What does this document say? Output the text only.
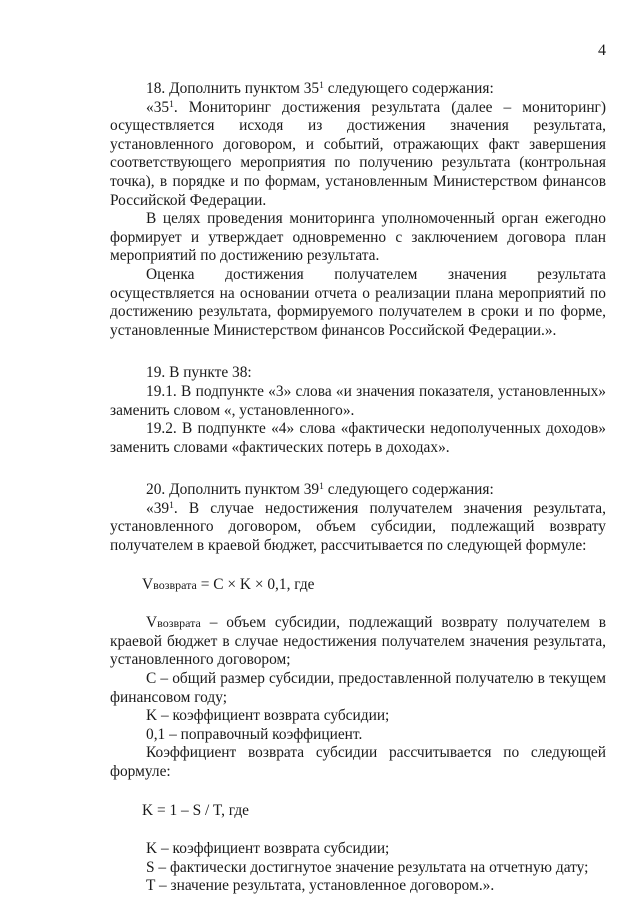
4

18. Дополнить пунктом $35^1$ следующего содержания:

«$35^1$. Мониторинг достижения результата (далее – мониторинг) осуществляется исходя из достижения значения результата, установленного договором, и событий, отражающих факт завершения соответствующего мероприятия по получению результата (контрольная точка), в порядке и по формам, установленным Министерством финансов Российской Федерации.

В целях проведения мониторинга уполномоченный орган ежегодно формирует и утверждает одновременно с заключением договора план мероприятий по достижению результата.

Оценка достижения получателем значения результата осуществляется на основании отчета о реализации плана мероприятий по достижению результата, формируемого получателем в сроки и по форме, установленные Министерством финансов Российской Федерации.».

19. В пункте 38:

19.1. В подпункте «3» слова «и значения показателя, установленных» заменить словом «, установленного».

19.2. В подпункте «4» слова «фактически недополученных доходов» заменить словами «фактических потерь в доходах».

20. Дополнить пунктом $39^1$ следующего содержания:

«$39^1$. В случае недостижения получателем значения результата, установленного договором, объем субсидии, подлежащий возврату получателем в краевой бюджет, рассчитывается по следующей формуле:

Vвозврата = C × K × 0,1, где

Vвозврата – объем субсидии, подлежащий возврату получателем в краевой бюджет в случае недостижения получателем значения результата, установленного договором;

C – общий размер субсидии, предоставленной получателю в текущем финансовом году;

K – коэффициент возврата субсидии;

0,1 – поправочный коэффициент.

Коэффициент возврата субсидии рассчитывается по следующей формуле:

K = 1 – S / T, где

K – коэффициент возврата субсидии;

S – фактически достигнутое значение результата на отчетную дату;

T – значение результата, установленное договором.».
